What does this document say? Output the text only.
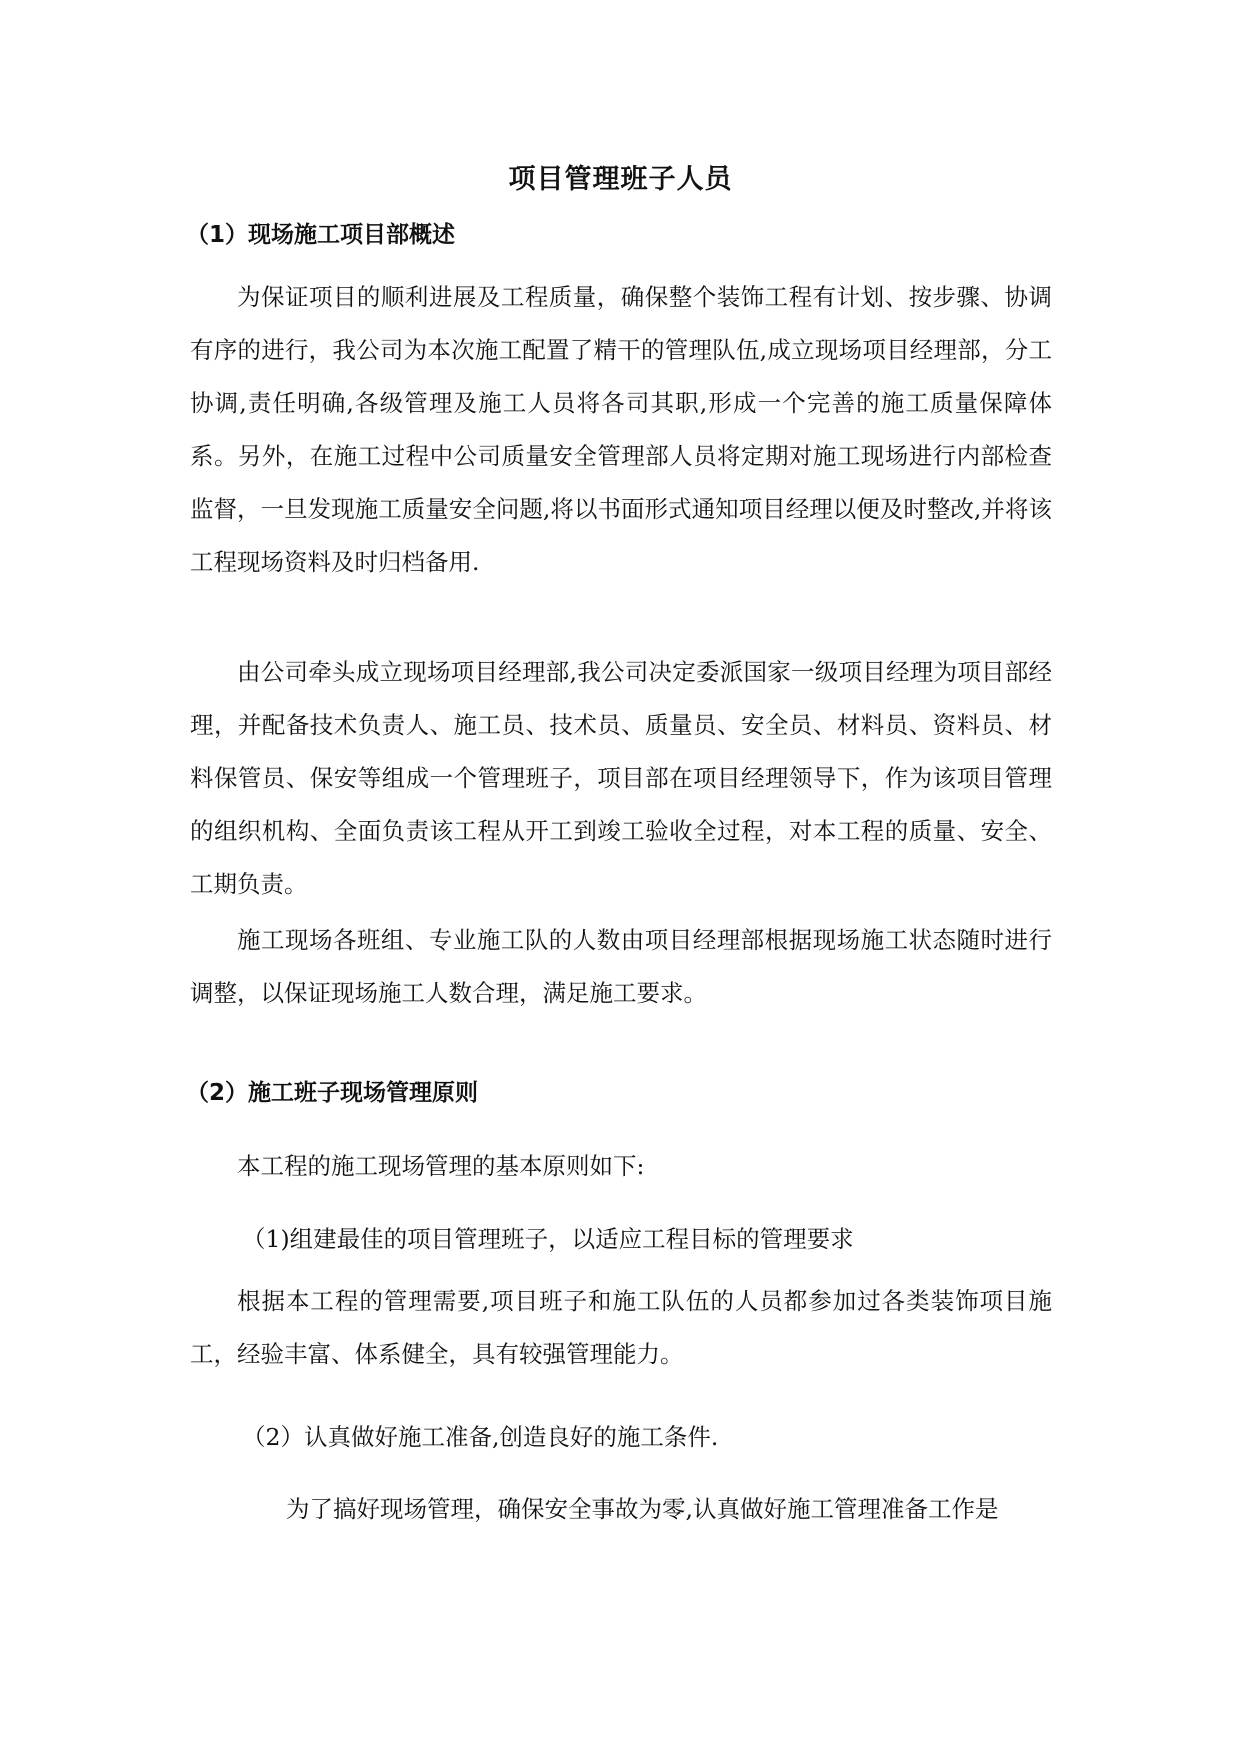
项目管理班子人员
（1）现场施工项目部概述

为保证项目的顺利进展及工程质量，确保整个装饰工程有计划、按步骤、协调有序的进行，我公司为本次施工配置了精干的管理队伍,成立现场项目经理部，分工协调,责任明确,各级管理及施工人员将各司其职,形成一个完善的施工质量保障体系。另外，在施工过程中公司质量安全管理部人员将定期对施工现场进行内部检查监督，一旦发现施工质量安全问题,将以书面形式通知项目经理以便及时整改,并将该工程现场资料及时归档备用.

由公司牵头成立现场项目经理部,我公司决定委派国家一级项目经理为项目部经理，并配备技术负责人、施工员、技术员、质量员、安全员、材料员、资料员、材料保管员、保安等组成一个管理班子，项目部在项目经理领导下，作为该项目管理的组织机构、全面负责该工程从开工到竣工验收全过程，对本工程的质量、安全、工期负责。

施工现场各班组、专业施工队的人数由项目经理部根据现场施工状态随时进行调整，以保证现场施工人数合理，满足施工要求。

（2）施工班子现场管理原则
本工程的施工现场管理的基本原则如下:
（1)组建最佳的项目管理班子，以适应工程目标的管理要求

根据本工程的管理需要,项目班子和施工队伍的人员都参加过各类装饰项目施工，经验丰富、体系健全，具有较强管理能力。

（2）认真做好施工准备,创造良好的施工条件.
为了搞好现场管理，确保安全事故为零,认真做好施工管理准备工作是
